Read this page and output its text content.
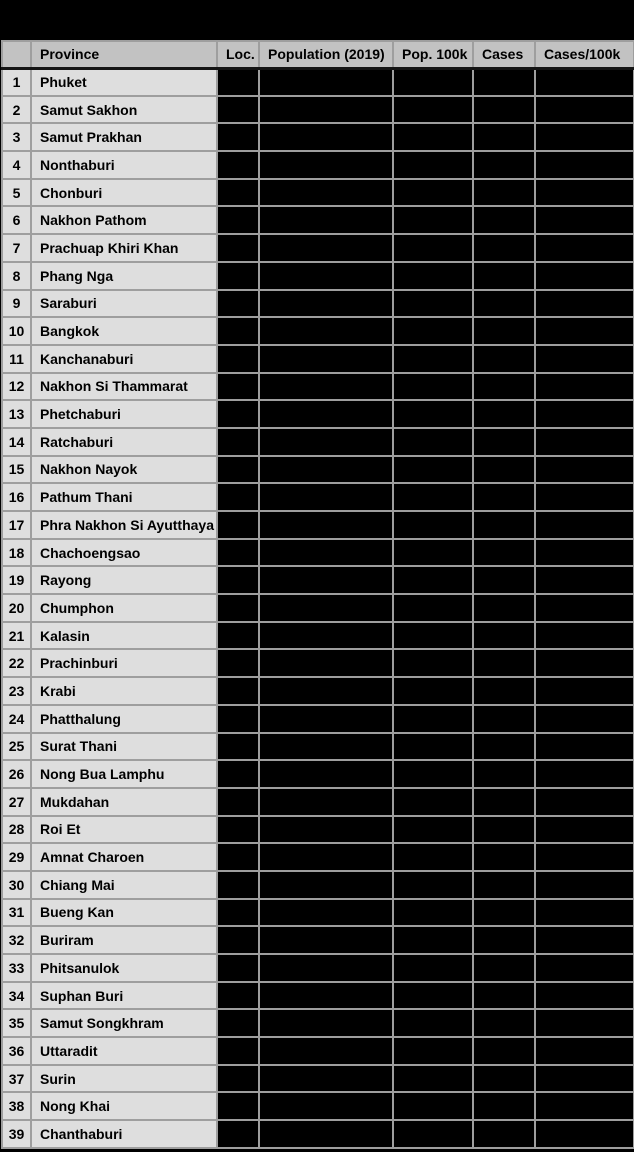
	Province	Loc.	Population (2019)	Pop. 100k	Cases	Cases/100k
1	Phuket					
2	Samut Sakhon					
3	Samut Prakhan					
4	Nonthaburi					
5	Chonburi					
6	Nakhon Pathom					
7	Prachuap Khiri Khan					
8	Phang Nga					
9	Saraburi					
10	Bangkok					
11	Kanchanaburi					
12	Nakhon Si Thammarat					
13	Phetchaburi					
14	Ratchaburi					
15	Nakhon Nayok					
16	Pathum Thani					
17	Phra Nakhon Si Ayutthaya					
18	Chachoengsao					
19	Rayong					
20	Chumphon					
21	Kalasin					
22	Prachinburi					
23	Krabi					
24	Phatthalung					
25	Surat Thani					
26	Nong Bua Lamphu					
27	Mukdahan					
28	Roi Et					
29	Amnat Charoen					
30	Chiang Mai					
31	Bueng Kan					
32	Buriram					
33	Phitsanulok					
34	Suphan Buri					
35	Samut Songkhram					
36	Uttaradit					
37	Surin					
38	Nong Khai					
39	Chanthaburi					
